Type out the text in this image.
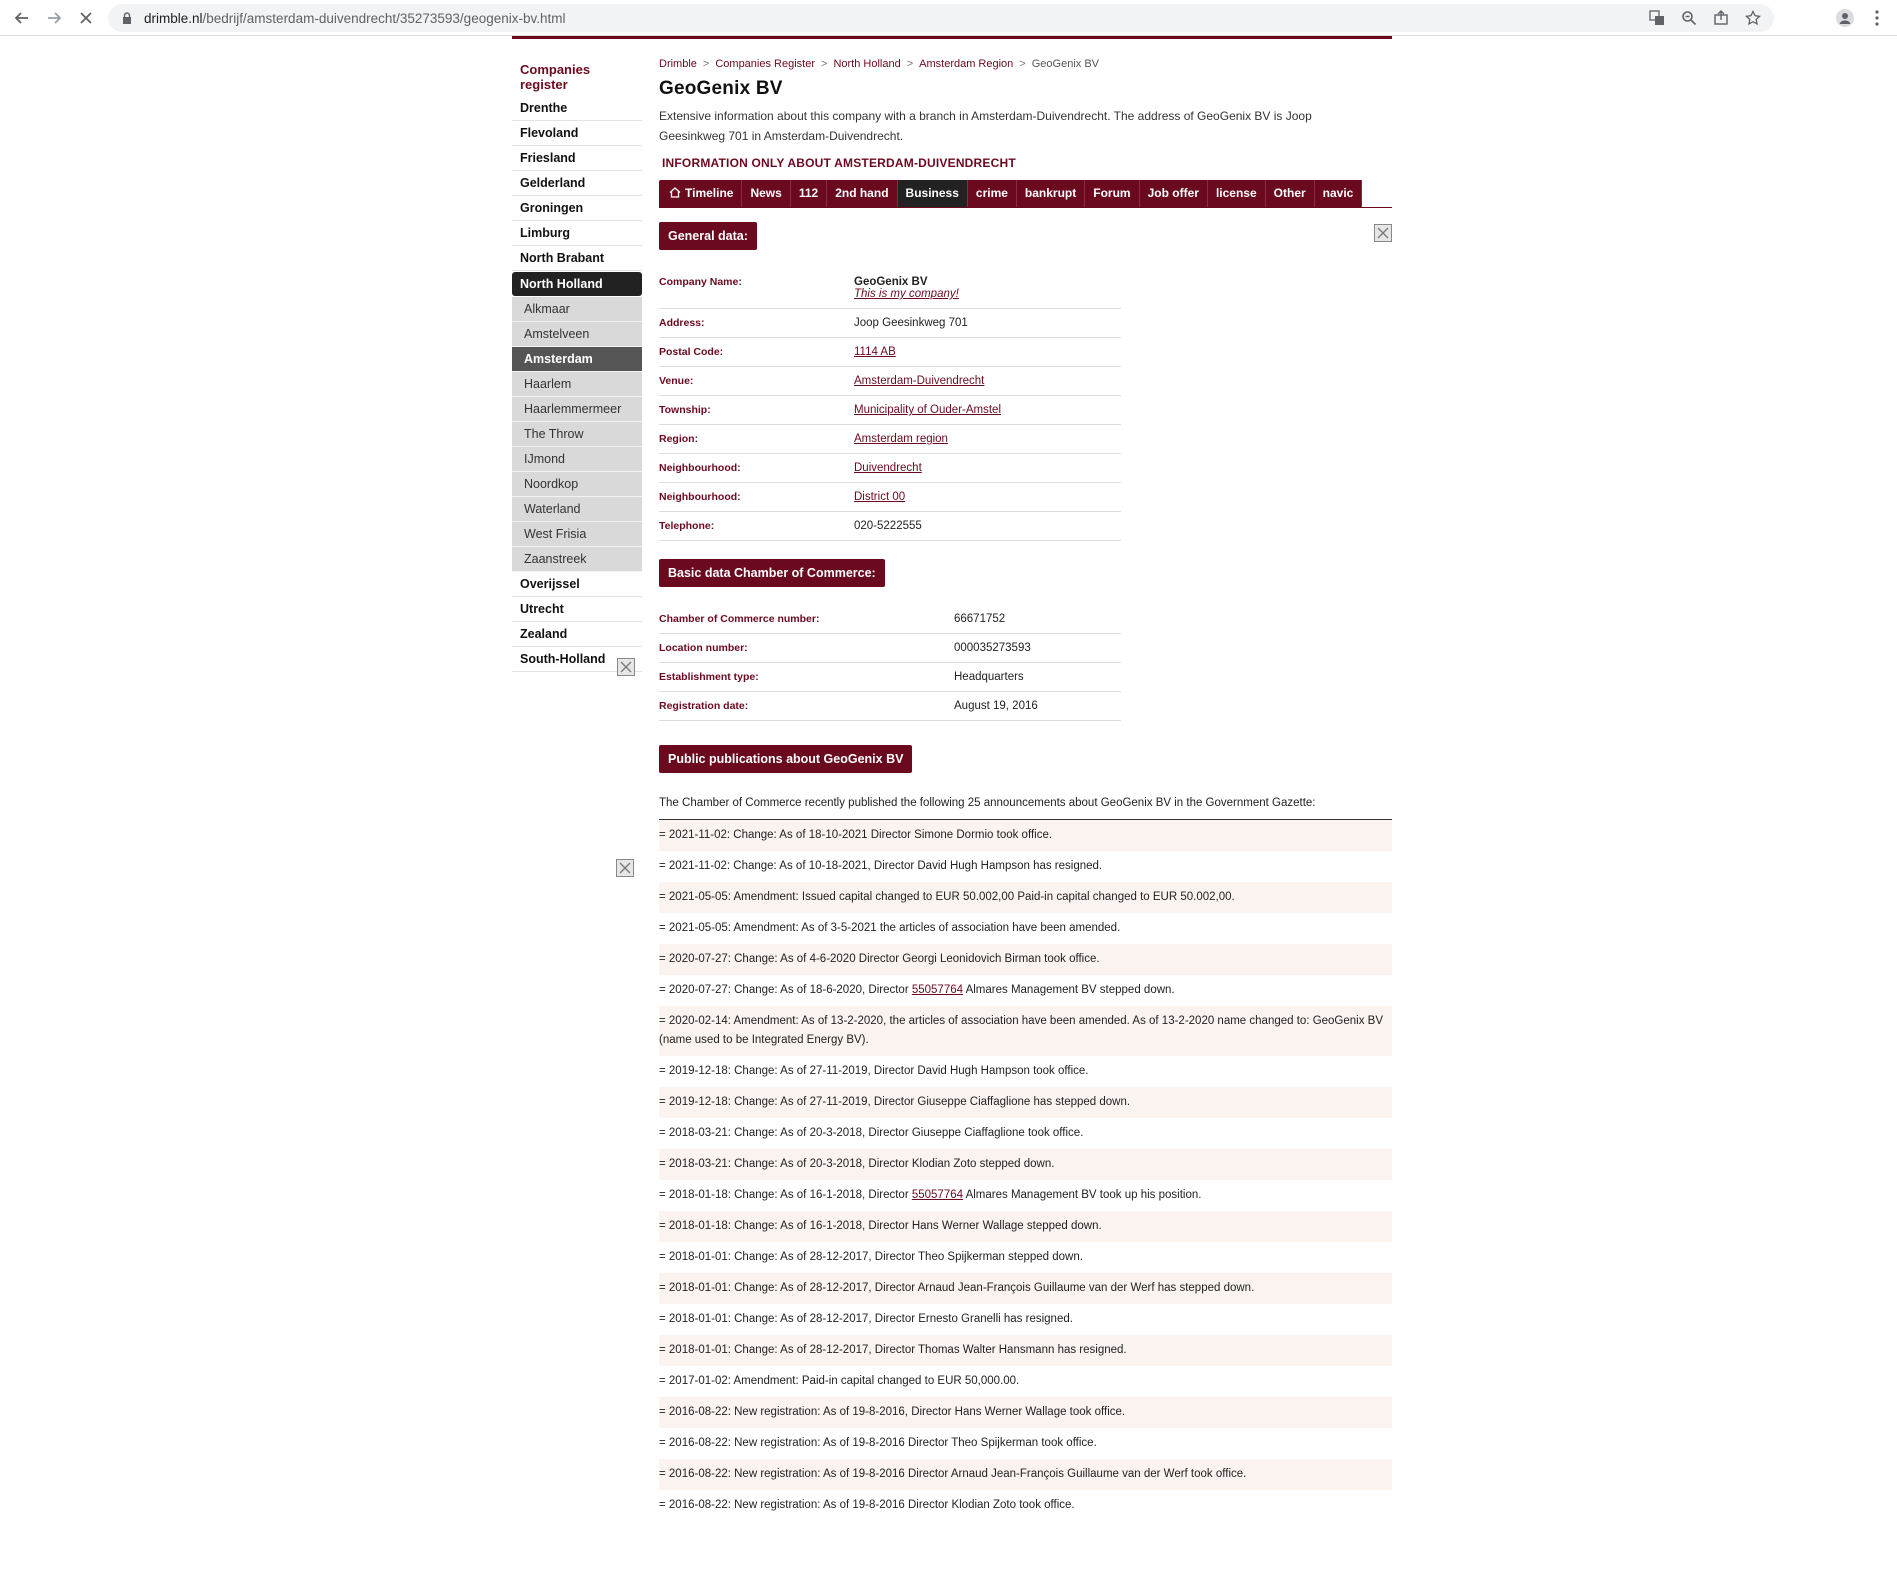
drimble.nl/bedrijf/amsterdam-duivendrecht/35273593/geogenix-bv.html
Companies register
Drenthe
Flevoland
Friesland
Gelderland
Groningen
Limburg
North Brabant
North Holland
Alkmaar
Amstelveen
Amsterdam
Haarlem
Haarlemmermeer
The Throw
IJmond
Noordkop
Waterland
West Frisia
Zaanstreek
Overijssel
Utrecht
Zealand
South-Holland
Drimble > Companies Register > North Holland > Amsterdam Region > GeoGenix BV
GeoGenix BV
Extensive information about this company with a branch in Amsterdam-Duivendrecht. The address of GeoGenix BV is Joop Geesinkweg 701 in Amsterdam-Duivendrecht.
INFORMATION ONLY ABOUT AMSTERDAM-DUIVENDRECHT
Timeline	News	112	2nd hand	Business	crime	bankrupt	Forum	Job offer	license	Other	navic
General data:
Company Name:	GeoGenix BV
This is my company!
Address:	Joop Geesinkweg 701
Postal Code:	1114 AB
Venue:	Amsterdam-Duivendrecht
Township:	Municipality of Ouder-Amstel
Region:	Amsterdam region
Neighbourhood:	Duivendrecht
Neighbourhood:	District 00
Telephone:	020-5222555
Basic data Chamber of Commerce:
Chamber of Commerce number:	66671752
Location number:	000035273593
Establishment type:	Headquarters
Registration date:	August 19, 2016
Public publications about GeoGenix BV
The Chamber of Commerce recently published the following 25 announcements about GeoGenix BV in the Government Gazette:
= 2021-11-02: Change: As of 18-10-2021 Director Simone Dormio took office.
= 2021-11-02: Change: As of 10-18-2021, Director David Hugh Hampson has resigned.
= 2021-05-05: Amendment: Issued capital changed to EUR 50.002,00 Paid-in capital changed to EUR 50.002,00.
= 2021-05-05: Amendment: As of 3-5-2021 the articles of association have been amended.
= 2020-07-27: Change: As of 4-6-2020 Director Georgi Leonidovich Birman took office.
= 2020-07-27: Change: As of 18-6-2020, Director 55057764 Almares Management BV stepped down.
= 2020-02-14: Amendment: As of 13-2-2020, the articles of association have been amended. As of 13-2-2020 name changed to: GeoGenix BV (name used to be Integrated Energy BV).
= 2019-12-18: Change: As of 27-11-2019, Director David Hugh Hampson took office.
= 2019-12-18: Change: As of 27-11-2019, Director Giuseppe Ciaffaglione has stepped down.
= 2018-03-21: Change: As of 20-3-2018, Director Giuseppe Ciaffaglione took office.
= 2018-03-21: Change: As of 20-3-2018, Director Klodian Zoto stepped down.
= 2018-01-18: Change: As of 16-1-2018, Director 55057764 Almares Management BV took up his position.
= 2018-01-18: Change: As of 16-1-2018, Director Hans Werner Wallage stepped down.
= 2018-01-01: Change: As of 28-12-2017, Director Theo Spijkerman stepped down.
= 2018-01-01: Change: As of 28-12-2017, Director Arnaud Jean-François Guillaume van der Werf has stepped down.
= 2018-01-01: Change: As of 28-12-2017, Director Ernesto Granelli has resigned.
= 2018-01-01: Change: As of 28-12-2017, Director Thomas Walter Hansmann has resigned.
= 2017-01-02: Amendment: Paid-in capital changed to EUR 50,000.00.
= 2016-08-22: New registration: As of 19-8-2016, Director Hans Werner Wallage took office.
= 2016-08-22: New registration: As of 19-8-2016 Director Theo Spijkerman took office.
= 2016-08-22: New registration: As of 19-8-2016 Director Arnaud Jean-François Guillaume van der Werf took office.
= 2016-08-22: New registration: As of 19-8-2016 Director Klodian Zoto took office.
